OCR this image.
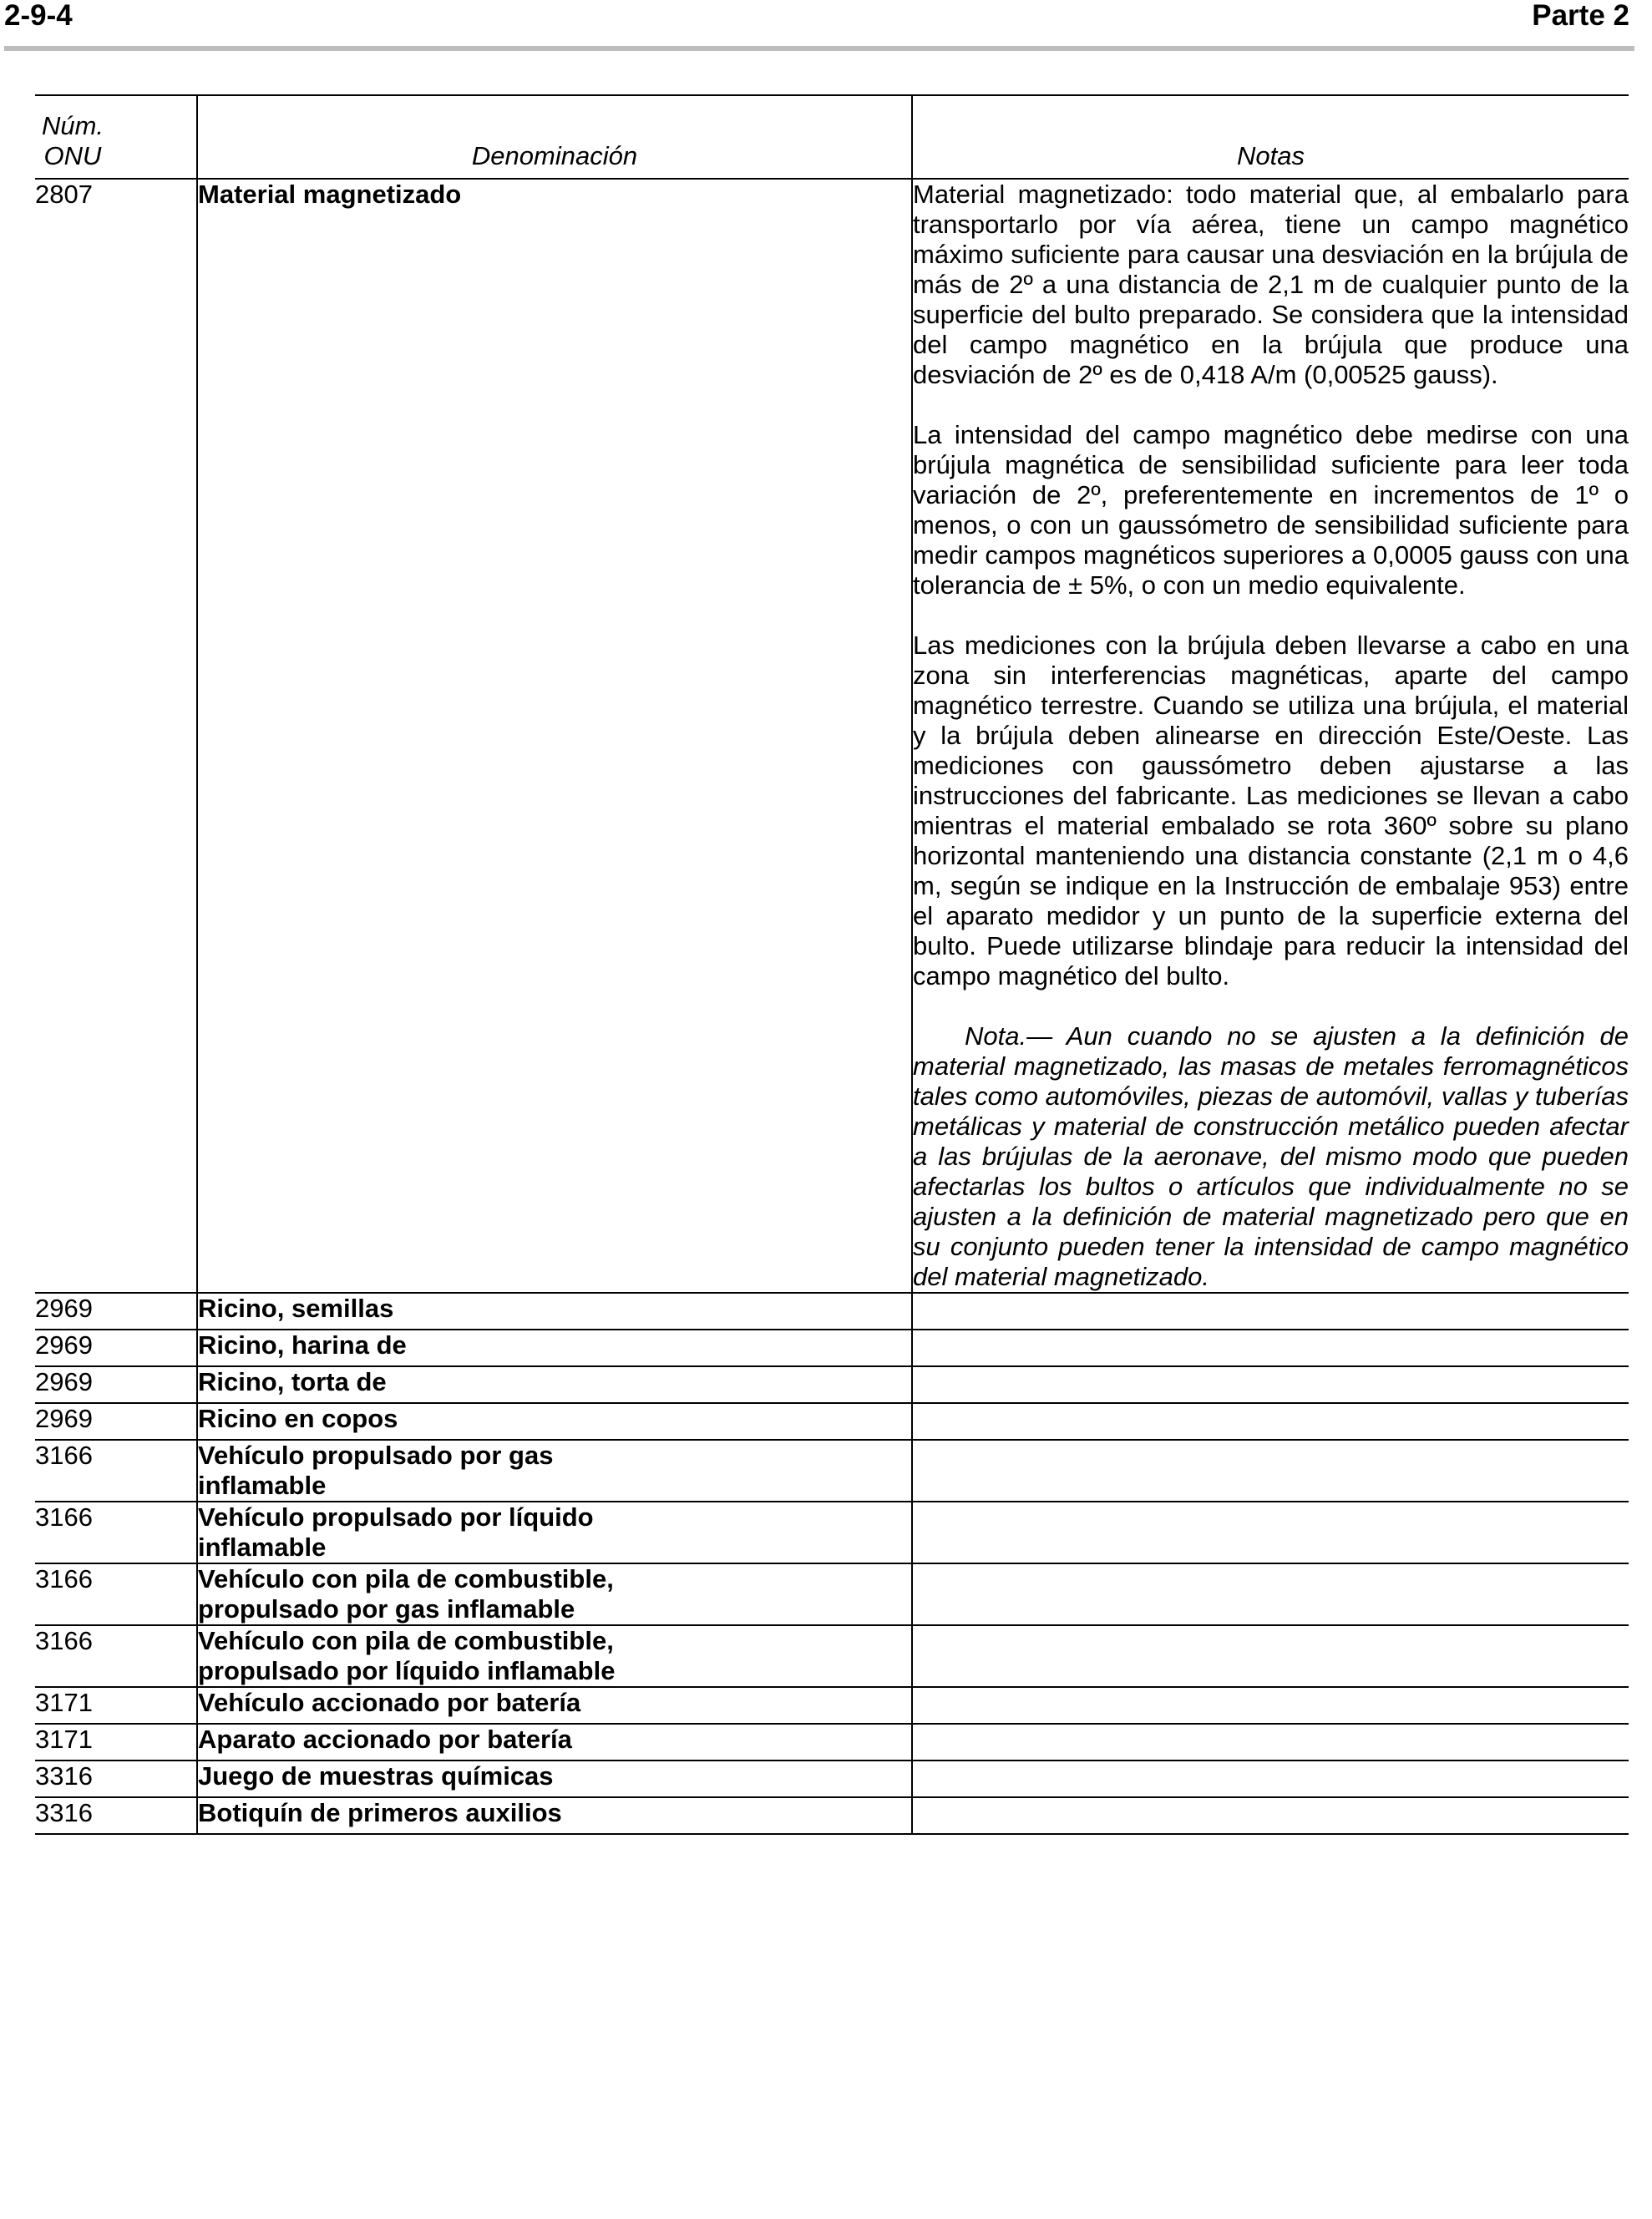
2-9-4	Parte 2
Núm. ONU	Denominación	Notas
2807	Material magnetizado	Material magnetizado: todo material que, al embalarlo para transportarlo por vía aérea, tiene un campo magnético máximo suficiente para causar una desviación en la brújula de más de 2º a una distancia de 2,1 m de cualquier punto de la superficie del bulto preparado. Se considera que la intensidad del campo magnético en la brújula que produce una desviación de 2º es de 0,418 A/m (0,00525 gauss).

La intensidad del campo magnético debe medirse con una brújula magnética de sensibilidad suficiente para leer toda variación de 2º, preferentemente en incrementos de 1º o menos, o con un gaussómetro de sensibilidad suficiente para medir campos magnéticos superiores a 0,0005 gauss con una tolerancia de ± 5%, o con un medio equivalente.

Las mediciones con la brújula deben llevarse a cabo en una zona sin interferencias magnéticas, aparte del campo magnético terrestre. Cuando se utiliza una brújula, el material y la brújula deben alinearse en dirección Este/Oeste. Las mediciones con gaussómetro deben ajustarse a las instrucciones del fabricante. Las mediciones se llevan a cabo mientras el material embalado se rota 360º sobre su plano horizontal manteniendo una distancia constante (2,1 m o 4,6 m, según se indique en la Instrucción de embalaje 953) entre el aparato medidor y un punto de la superficie externa del bulto. Puede utilizarse blindaje para reducir la intensidad del campo magnético del bulto.

Nota.— Aun cuando no se ajusten a la definición de material magnetizado, las masas de metales ferromagnéticos tales como automóviles, piezas de automóvil, vallas y tuberías metálicas y material de construcción metálico pueden afectar a las brújulas de la aeronave, del mismo modo que pueden afectarlas los bultos o artículos que individualmente no se ajusten a la definición de material magnetizado pero que en su conjunto pueden tener la intensidad de campo magnético del material magnetizado.

2969	Ricino, semillas	
2969	Ricino, harina de	
2969	Ricino, torta de	
2969	Ricino en copos	
3166	Vehículo propulsado por gas inflamable	

3166	Vehículo propulsado por líquido inflamable	

3166	Vehículo con pila de combustible, propulsado por gas inflamable	

3166	Vehículo con pila de combustible, propulsado por líquido inflamable	

3171	Vehículo accionado por batería	
3171	Aparato accionado por batería	
3316	Juego de muestras químicas	
3316	Botiquín de primeros auxilios	
